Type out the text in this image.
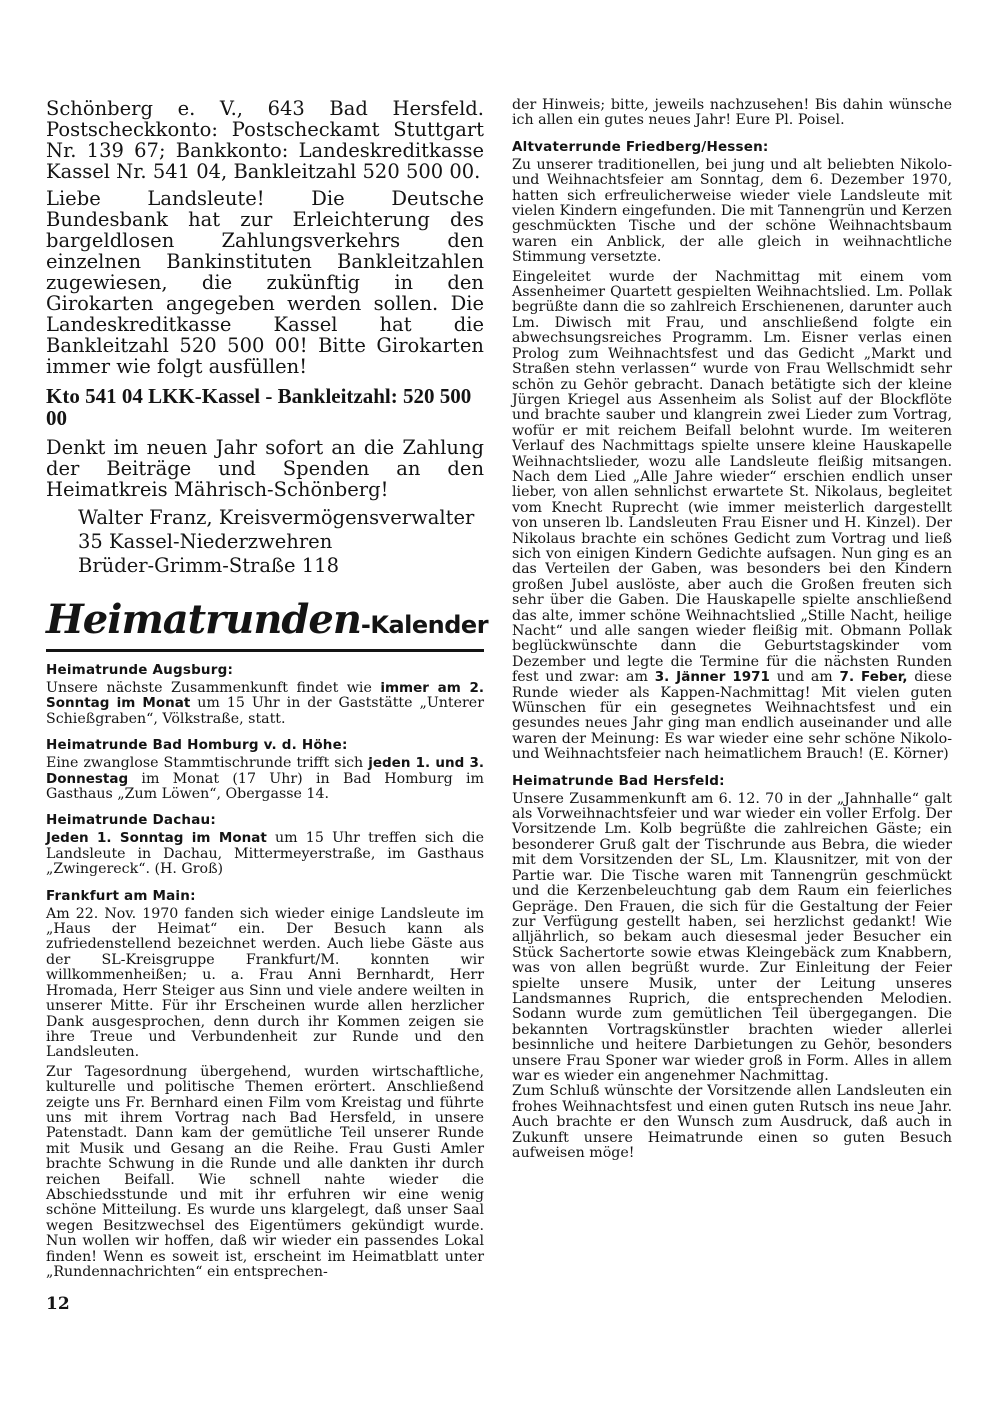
Schönberg e. V., 643 Bad Hersfeld. Postscheckkonto: Postscheckamt Stuttgart Nr. 139 67; Bankkonto: Landeskreditkasse Kassel Nr. 541 04, Bankleitzahl 520 500 00.

Liebe Landsleute! Die Deutsche Bundesbank hat zur Erleichterung des bargeldlosen Zahlungsverkehrs den einzelnen Bankinstituten Bankleitzahlen zugewiesen, die zukünftig in den Girokarten angegeben werden sollen. Die Landeskreditkasse Kassel hat die Bankleitzahl 520 500 00! Bitte Girokarten immer wie folgt ausfüllen!

Kto 541 04 LKK-Kassel - Bankleitzahl: 520 500 00

Denkt im neuen Jahr sofort an die Zahlung der Beiträge und Spenden an den Heimatkreis Mährisch-Schönberg!

Walter Franz, Kreisvermögensverwalter

35 Kassel-Niederzwehren

Brüder-Grimm-Straße 118

Heimatrunden-Kalender
Heimatrunde Augsburg:

Unsere nächste Zusammenkunft findet wie immer am 2. Sonntag im Monat um 15 Uhr in der Gaststätte „Unterer Schießgraben“, Völkstraße, statt.

Heimatrunde Bad Homburg v. d. Höhe:

Eine zwanglose Stammtischrunde trifft sich jeden 1. und 3. Donnestag im Monat (17 Uhr) in Bad Homburg im Gasthaus „Zum Löwen“, Obergasse 14.

Heimatrunde Dachau:

Jeden 1. Sonntag im Monat um 15 Uhr treffen sich die Landsleute in Dachau, Mittermeyerstraße, im Gasthaus „Zwingereck“. (H. Groß)

Frankfurt am Main:

Am 22. Nov. 1970 fanden sich wieder einige Landsleute im „Haus der Heimat“ ein. Der Besuch kann als zufriedenstellend bezeichnet werden. Auch liebe Gäste aus der SL-Kreisgruppe Frankfurt/M. konnten wir willkommenheißen; u. a. Frau Anni Bernhardt, Herr Hromada, Herr Steiger aus Sinn und viele andere weilten in unserer Mitte. Für ihr Erscheinen wurde allen herzlicher Dank ausgesprochen, denn durch ihr Kommen zeigen sie ihre Treue und Verbundenheit zur Runde und den Landsleuten.

Zur Tagesordnung übergehend, wurden wirtschaftliche, kulturelle und politische Themen erörtert. Anschließend zeigte uns Fr. Bernhard einen Film vom Kreistag und führte uns mit ihrem Vortrag nach Bad Hersfeld, in unsere Patenstadt. Dann kam der gemütliche Teil unserer Runde mit Musik und Gesang an die Reihe. Frau Gusti Amler brachte Schwung in die Runde und alle dankten ihr durch reichen Beifall. Wie schnell nahte wieder die Abschiedsstunde und mit ihr erfuhren wir eine wenig schöne Mitteilung. Es wurde uns klargelegt, daß unser Saal wegen Besitzwechsel des Eigentümers gekündigt wurde. Nun wollen wir hoffen, daß wir wieder ein passendes Lokal finden! Wenn es soweit ist, erscheint im Heimatblatt unter „Rundennachrichten“ ein entsprechen-

der Hinweis; bitte, jeweils nachzusehen! Bis dahin wünsche ich allen ein gutes neues Jahr! Eure Pl. Poisel.

Altvaterrunde Friedberg/Hessen:

Zu unserer traditionellen, bei jung und alt beliebten Nikolo- und Weihnachtsfeier am Sonntag, dem 6. Dezember 1970, hatten sich erfreulicherweise wieder viele Landsleute mit vielen Kindern eingefunden. Die mit Tannengrün und Kerzen geschmückten Tische und der schöne Weihnachtsbaum waren ein Anblick, der alle gleich in weihnachtliche Stimmung versetzte.

Eingeleitet wurde der Nachmittag mit einem vom Assenheimer Quartett gespielten Weihnachtslied. Lm. Pollak begrüßte dann die so zahlreich Erschienenen, darunter auch Lm. Diwisch mit Frau, und anschließend folgte ein abwechsungsreiches Programm. Lm. Eisner verlas einen Prolog zum Weihnachtsfest und das Gedicht „Markt und Straßen stehn verlassen“ wurde von Frau Wellschmidt sehr schön zu Gehör gebracht. Danach betätigte sich der kleine Jürgen Kriegel aus Assenheim als Solist auf der Blockflöte und brachte sauber und klangrein zwei Lieder zum Vortrag, wofür er mit reichem Beifall belohnt wurde. Im weiteren Verlauf des Nachmittags spielte unsere kleine Hauskapelle Weihnachtslieder, wozu alle Landsleute fleißig mitsangen. Nach dem Lied „Alle Jahre wieder“ erschien endlich unser lieber, von allen sehnlichst erwartete St. Nikolaus, begleitet vom Knecht Ruprecht (wie immer meisterlich dargestellt von unseren lb. Landsleuten Frau Eisner und H. Kinzel). Der Nikolaus brachte ein schönes Gedicht zum Vortrag und ließ sich von einigen Kindern Gedichte aufsagen. Nun ging es an das Verteilen der Gaben, was besonders bei den Kindern großen Jubel auslöste, aber auch die Großen freuten sich sehr über die Gaben. Die Hauskapelle spielte anschließend das alte, immer schöne Weihnachtslied „Stille Nacht, heilige Nacht“ und alle sangen wieder fleißig mit. Obmann Pollak beglückwünschte dann die Geburtstagskinder vom Dezember und legte die Termine für die nächsten Runden fest und zwar: am 3. Jänner 1971 und am 7. Feber, diese Runde wieder als Kappen-Nachmittag! Mit vielen guten Wünschen für ein gesegnetes Weihnachtsfest und ein gesundes neues Jahr ging man endlich auseinander und alle waren der Meinung: Es war wieder eine sehr schöne Nikolo- und Weihnachtsfeier nach heimatlichem Brauch! (E. Körner)

Heimatrunde Bad Hersfeld:

Unsere Zusammenkunft am 6. 12. 70 in der „Jahnhalle“ galt als Vorweihnachtsfeier und war wieder ein voller Erfolg. Der Vorsitzende Lm. Kolb begrüßte die zahlreichen Gäste; ein besonderer Gruß galt der Tischrunde aus Bebra, die wieder mit dem Vorsitzenden der SL, Lm. Klausnitzer, mit von der Partie war. Die Tische waren mit Tannengrün geschmückt und die Kerzenbeleuchtung gab dem Raum ein feierliches Gepräge. Den Frauen, die sich für die Gestaltung der Feier zur Verfügung gestellt haben, sei herzlichst gedankt! Wie alljährlich, so bekam auch diesesmal jeder Besucher ein Stück Sachertorte sowie etwas Kleingebäck zum Knabbern, was von allen begrüßt wurde. Zur Einleitung der Feier spielte unsere Musik, unter der Leitung unseres Landsmannes Ruprich, die entsprechenden Melodien. Sodann wurde zum gemütlichen Teil übergegangen. Die bekannten Vortragskünstler brachten wieder allerlei besinnliche und heitere Darbietungen zu Gehör, besonders unsere Frau Sponer war wieder groß in Form. Alles in allem war es wieder ein angenehmer Nachmittag.

Zum Schluß wünschte der Vorsitzende allen Landsleuten ein frohes Weihnachtsfest und einen guten Rutsch ins neue Jahr. Auch brachte er den Wunsch zum Ausdruck, daß auch in Zukunft unsere Heimatrunde einen so guten Besuch aufweisen möge!

12
